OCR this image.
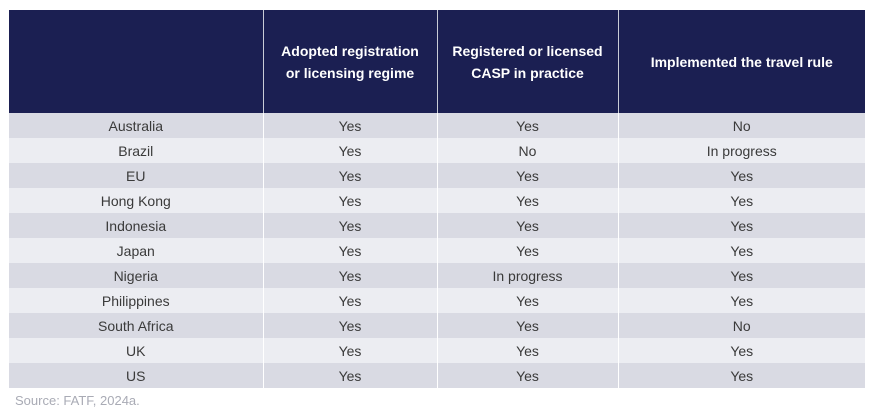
	Adopted registration or licensing regime	Registered or licensed CASP in practice	Implemented the travel rule
Australia	Yes	Yes	No
Brazil	Yes	No	In progress
EU	Yes	Yes	Yes
Hong Kong	Yes	Yes	Yes
Indonesia	Yes	Yes	Yes
Japan	Yes	Yes	Yes
Nigeria	Yes	In progress	Yes
Philippines	Yes	Yes	Yes
South Africa	Yes	Yes	No
UK	Yes	Yes	Yes
US	Yes	Yes	Yes
Source: FATF, 2024a.
